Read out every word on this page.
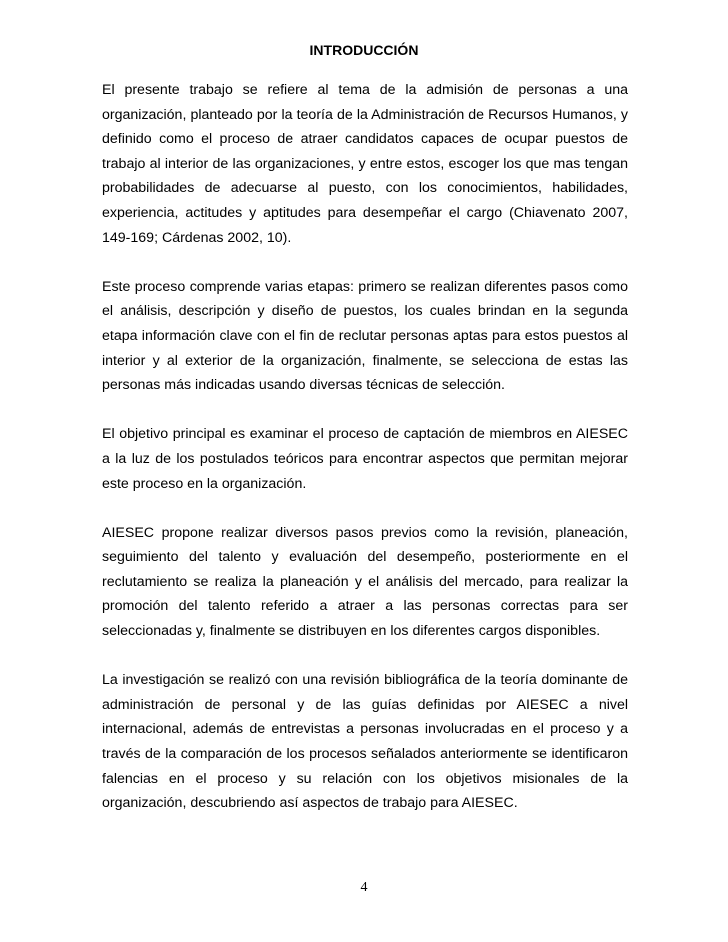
INTRODUCCIÓN

El presente trabajo se refiere al tema de la admisión de personas a una organización, planteado por la teoría de la Administración de Recursos Humanos, y definido como el proceso de atraer candidatos capaces de ocupar puestos de trabajo al interior de las organizaciones, y entre estos, escoger los que mas tengan probabilidades de adecuarse al puesto, con los conocimientos, habilidades, experiencia, actitudes y aptitudes para desempeñar el cargo (Chiavenato 2007, 149-169; Cárdenas 2002, 10).

Este proceso comprende varias etapas: primero se realizan diferentes pasos como el análisis, descripción y diseño de puestos, los cuales brindan en la segunda etapa información clave con el fin de reclutar personas aptas para estos puestos al interior y al exterior de la organización, finalmente, se selecciona de estas las personas más indicadas usando diversas técnicas de selección.

El objetivo principal es examinar el proceso de captación de miembros en AIESEC a la luz de los postulados teóricos para encontrar aspectos que permitan mejorar este proceso en la organización.

AIESEC propone realizar diversos pasos previos como la revisión, planeación, seguimiento del talento y evaluación del desempeño, posteriormente en el reclutamiento se realiza la planeación y el análisis del mercado, para realizar la promoción del talento referido a atraer a las personas correctas para ser seleccionadas y, finalmente se distribuyen en los diferentes cargos disponibles.

La investigación se realizó con una revisión bibliográfica de la teoría dominante de administración de personal y de las guías definidas por AIESEC a nivel internacional, además de entrevistas a personas involucradas en el proceso y a través de la comparación de los procesos señalados anteriormente se identificaron falencias en el proceso y su relación con los objetivos misionales de la organización, descubriendo así aspectos de trabajo para AIESEC.

4
